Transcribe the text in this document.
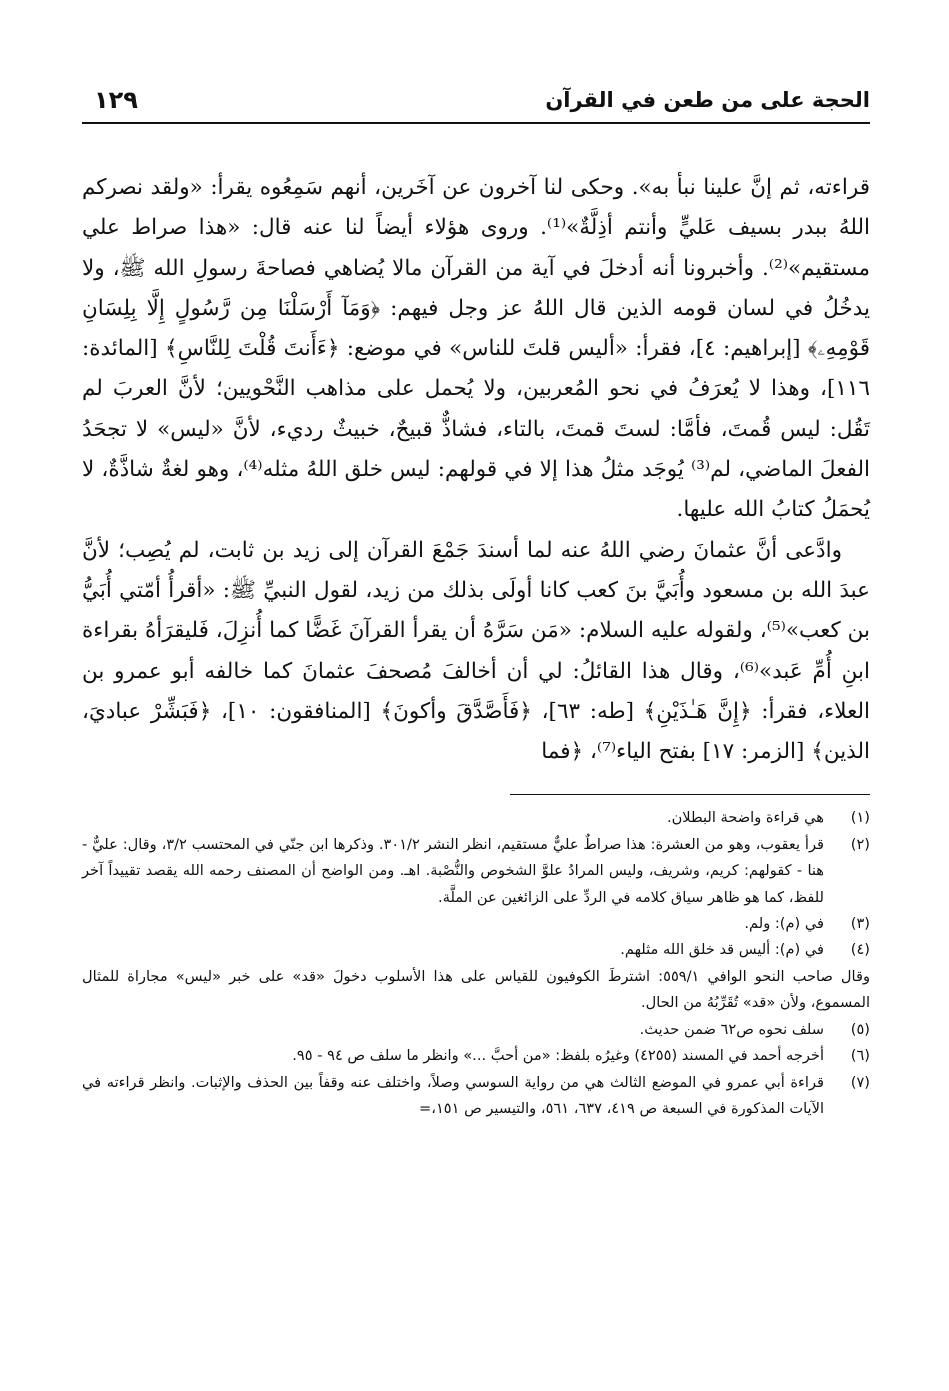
الحجة على من طعن في القرآن
١٢٩

قراءته، ثم إنَّ علينا نبأ به». وحكى لنا آخرون عن آخَرين، أنهم سَمِعُوه يقرأ: «ولقد نصركم اللهُ ببدر بسيف عَليٍّ وأنتم أذِلَّةٌ»⁽¹⁾. وروى هؤلاء أيضاً لنا عنه قال: «هذا صراط علي مستقيم»⁽²⁾. وأخبرونا أنه أدخلَ في آية من القرآن مالا يُضاهي فصاحةَ رسولِ الله ﷺ، ولا يدخُلُ في لسان قومه الذين قال اللهُ عز وجل فيهم: ﴿وَمَآ أَرْسَلْنَا مِن رَّسُولٍ إِلَّا بِلِسَانِ قَوْمِهِۦ﴾ [إبراهيم: ٤]، فقرأ: «أليس قلتَ للناس» في موضع: ﴿ءَأَنتَ قُلْتَ لِلنَّاسِ﴾ [المائدة: ١١٦]، وهذا لا يُعرَفُ في نحو المُعربين، ولا يُحمل على مذاهب النَّحْويين؛ لأنَّ العربَ لم تَقُل: ليس قُمتَ، فأمَّا: لستَ قمتَ، بالتاء، فشاذٌّ قبيحٌ، خبيثٌ رديء، لأنَّ «ليس» لا تجحَدُ الفعلَ الماضي، لم⁽³⁾ يُوجَد مثلُ هذا إلا في قولهم: ليس خلق اللهُ مثله⁽⁴⁾، وهو لغةٌ شاذَّةٌ، لا يُحمَلُ كتابُ الله عليها.

وادَّعى أنَّ عثمانَ رضي اللهُ عنه لما أسندَ جَمْعَ القرآن إلى زيد بن ثابت، لم يُصِب؛ لأنَّ عبدَ الله بن مسعود وأُبَيَّ بنَ كعب كانا أولَى بذلك من زيد، لقول النبيِّ ﷺ: «أقرأُ أمّتي أُبَيُّ بن كعب»⁽⁵⁾، ولقوله عليه السلام: «مَن سَرَّهُ أن يقرأ القرآنَ غَضًّا كما أُنزِلَ، فَليقرَأهُ بقراءة ابنِ أُمِّ عَبد»⁽⁶⁾، وقال هذا القائلُ: لي أن أخالفَ مُصحفَ عثمانَ كما خالفه أبو عمرو بن العلاء، فقرأ: ﴿إِنَّ هَـٰذَيْنِ﴾ [طه: ٦٣]، ﴿فَأَصَّدَّقَ وأكونَ﴾ [المنافقون: ١٠]، ﴿فَبَشِّرْ عباديَ، الذين﴾ [الزمر: ١٧] بفتح الياء⁽⁷⁾، ﴿فما

(١)
هي قراءة واضحة البطلان.
(٢)
قرأ يعقوب، وهو من العشرة: هذا صراطٌ عليٌّ مستقيم، انظر النشر ٣٠١/٢. وذكرها ابن جنّي في المحتسب ٣/٢، وقال: عليٌّ - هنا - كقولهم: كريم، وشريف، وليس المرادُ علوَّ الشخوص والنُّصْبة. اهـ. ومن الواضح أن المصنف رحمه الله يقصد تقييداً آخر للفظ، كما هو ظاهر سياق كلامه في الردِّ على الزائغين عن الملَّة.
(٣)
في (م): ولم.
(٤)
في (م): أليس قد خلق الله مثلهم.
وقال صاحب النحو الوافي ٥٥٩/١: اشترطَ الكوفيون للقياس على هذا الأسلوب دخولَ «قد» على خبر «ليس» مجاراة للمثال المسموع، ولأن «قد» تُقَرِّبُهُ من الحال.
(٥)
سلف نحوه ص٦٢ ضمن حديث.
(٦)
أخرجه أحمد في المسند (٤٢٥٥) وغيرُه بلفظ: «من أحبَّ ...» وانظر ما سلف ص ٩٤ - ٩٥.
(٧)
قراءة أبي عمرو في الموضع الثالث هي من رواية السوسي وصلاً، واختلف عنه وقفاً بين الحذف والإثبات. وانظر قراءته في الآيات المذكورة في السبعة ص ٤١٩، ٦٣٧، ٥٦١، والتيسير ص ١٥١،=
